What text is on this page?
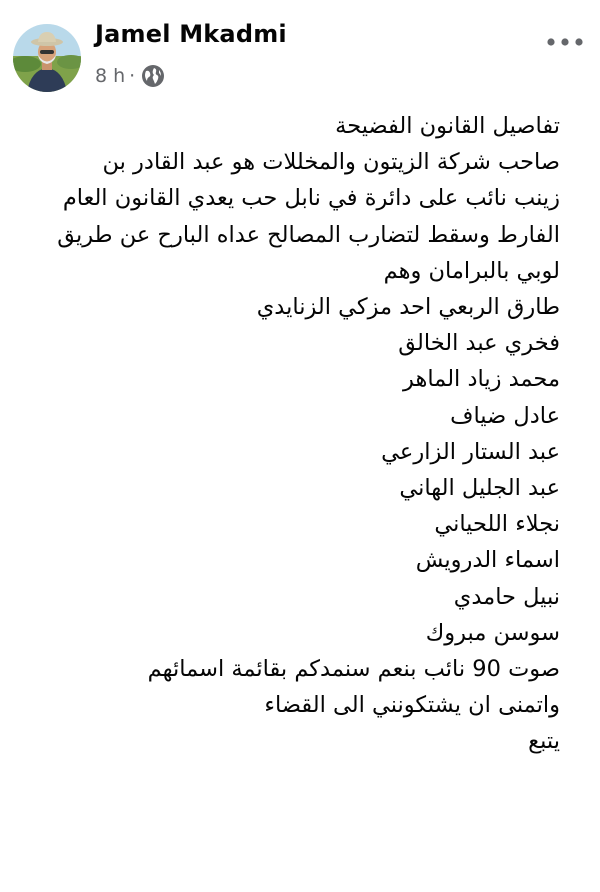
Jamel Mkadmi
8 h ·
تفاصيل القانون الفضيحة
صاحب شركة الزيتون والمخللات هو عبد القادر بن
زينب نائب على دائرة في نابل حب يعدي القانون العام
الفارط وسقط لتضارب المصالح عداه البارح عن طريق
لوبي بالبرامان وهم
طارق الربعي احد مزكي الزنايدي
فخري عبد الخالق
محمد زياد الماهر
عادل ضياف
عبد الستار الزارعي
عبد الجليل الهاني
نجلاء اللحياني
اسماء الدرويش
نبيل حامدي
سوسن مبروك
صوت 90 نائب بنعم سنمدكم بقائمة اسمائهم
واتمنى ان يشتكونني الى القضاء
يتبع
